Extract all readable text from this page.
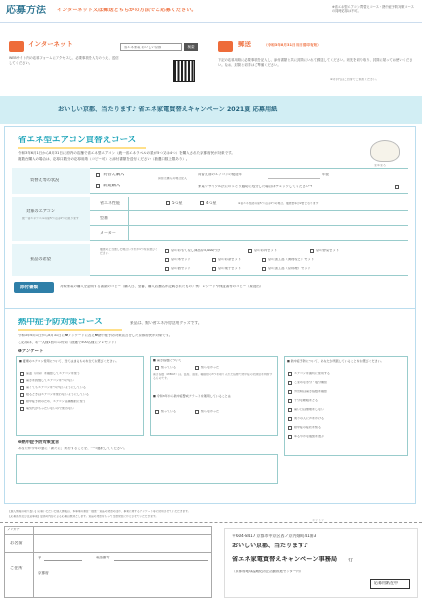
応募方法 インターネット又は郵送どちらかの方法でご応募ください。	※省エネ型エアコン買替えコース・熱中症予防対策コースの同時応募は不可。
インターネット
WEBサイト内の応募フォームにアクセスし、必要事項を入力のうえ、送信してください。
省エネ家電 おいしい京都	検索	郵送	（令和3年8月31日当日消印有効）
下記の応募用紙に必要事項を記入し、添付書類と共に封筒にいれて郵送してください。宛先を切り取り、封筒に貼ってお使いください。なお、封筒と切手はご準備ください。
※切手代はご自身でご負担ください。
おいしい京都、当たります♪ 省エネ家電買替えキャンペーン 2021夏 応募用紙
省エネ型エアコン買替えコース
令和3年6月1日から8月31日に府内の店舗で省エネ型エアコン（統一省エネラベルの星が5つ又は4つ）を購入された京都府民が対象です。
複数台購入の場合は、応募口数分の応募用紙（コピー可）と添付書類を送付ください（抽選口数上限あり）。
まゆまろ
買替え等の状況
買替え購入
新規購入
買替え購入の場合記入
買替え前のエアコンの製造年	年製
家電リサイクル法にのっとり適切に処分した場合はチェックしてください→
対象のエアコン
統一省エネラベルの星5つ又は4つに限ります
省エネ性能	5つ星	4つ星	※省エネ性能の星5つ又は4つの場合、抽選倍率が2倍となります
型番
メーカー
景品の希望
抽選の上当選した場合いずれか1つをお選びください
京のおもてなし商品券5,000円分	京のお肉セット	京の野菜セット
京の米セット	京のお茶セット	京の加工品（漬物など）セット
京の酒セット	京の菓子セット	京の加工品（京料理）セット
添付書類	対象家電の購入を証明する書類のコピー（購入日、型番、購入店舗名が記載されたもの）例：レシートや保証書等のコピー（要提出）
熱中症予防対策コース	景品は、賢い省エネ冷房活用グッズです。
令和3年6月1日から8月31日に❶アンケートに答え❷熱中症予防対策宣言をした京都府民が対象です。
ご応募は、お一人様1回のみ有効（抽選で500名様にプレゼント）
❶アンケート
■ 夏場のエアコン使用について、当てはまるものを全てお選びください。
室温（冷房）を確認してエアコンを使う
暑さを我慢してエアコンをつけない
暑くてもエアコンをつけないようにしている
寝るときはエアコンを使わないようにしている
熱中症予防のため、エアコンは積極的に使う
電気代がもったいないので使わない
■ 暑さ指数について
知っている	知らなかった
暑さ指数（WBGT）は、温度、湿度、輻射熱の3つを取り入れた指標で熱中症の危険度を判断するものです。
■ 令和3年から熱中症警戒アラートを運用していることは
知っている	知らなかった
■ 熱中症予防について、あなたが実践していることをお選びください。
エアコンを適切に使用する
こまめな水分・塩分補給
外出時は暑さ指数を確認
十分な睡眠をとる
暑い日は無理をしない
周りの人に声をかける
熱中症の症状を知る
ゆるやかな服装を選ぶ
❷熱中症予防対策宣言
あなたが今年の夏に「新たに」実行することを、一つ選択してください。
【個人情報の取り扱い】応募いただいた個人情報は、本事業の運営・抽選・景品の発送のほか、事業に関するアンケート等に使用させていただきます。
【応募条件及び注意事項】虚偽の内容による応募は無効とします。景品の発送をもって当選発表にかえさせていただきます。
キリトリ
フリガナ
お名前
ご住所
〒	電話番号
京都府
〒604-8417 京都市中京区西ノ京内畑町41番3
おいしい京都、当たります♪
省エネ家電買替えキャンペーン事務局 行
（京都府地球温暖化防止活動推進センター内）
応募用紙在中
